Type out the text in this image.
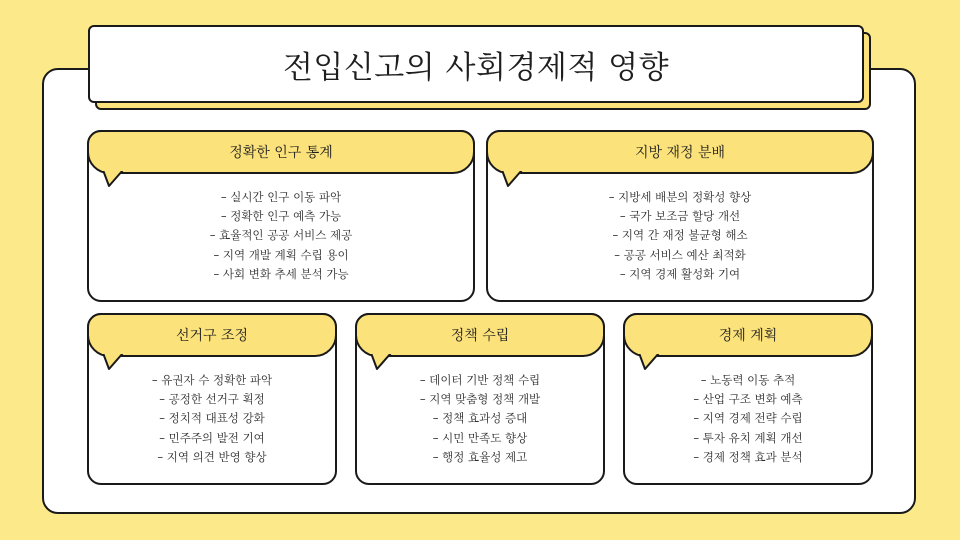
전입신고의 사회경제적 영향
정확한 인구 통계
– 실시간 인구 이동 파악
– 정확한 인구 예측 가능
– 효율적인 공공 서비스 제공
– 지역 개발 계획 수립 용이
– 사회 변화 추세 분석 가능
지방 재정 분배
– 지방세 배분의 정확성 향상
– 국가 보조금 할당 개선
– 지역 간 재정 불균형 해소
– 공공 서비스 예산 최적화
– 지역 경제 활성화 기여
선거구 조정
– 유권자 수 정확한 파악
– 공정한 선거구 획정
– 정치적 대표성 강화
– 민주주의 발전 기여
– 지역 의견 반영 향상
정책 수립
– 데이터 기반 정책 수립
– 지역 맞춤형 정책 개발
– 정책 효과성 증대
– 시민 만족도 향상
– 행정 효율성 제고
경제 계획
– 노동력 이동 추적
– 산업 구조 변화 예측
– 지역 경제 전략 수립
– 투자 유치 계획 개선
– 경제 정책 효과 분석
